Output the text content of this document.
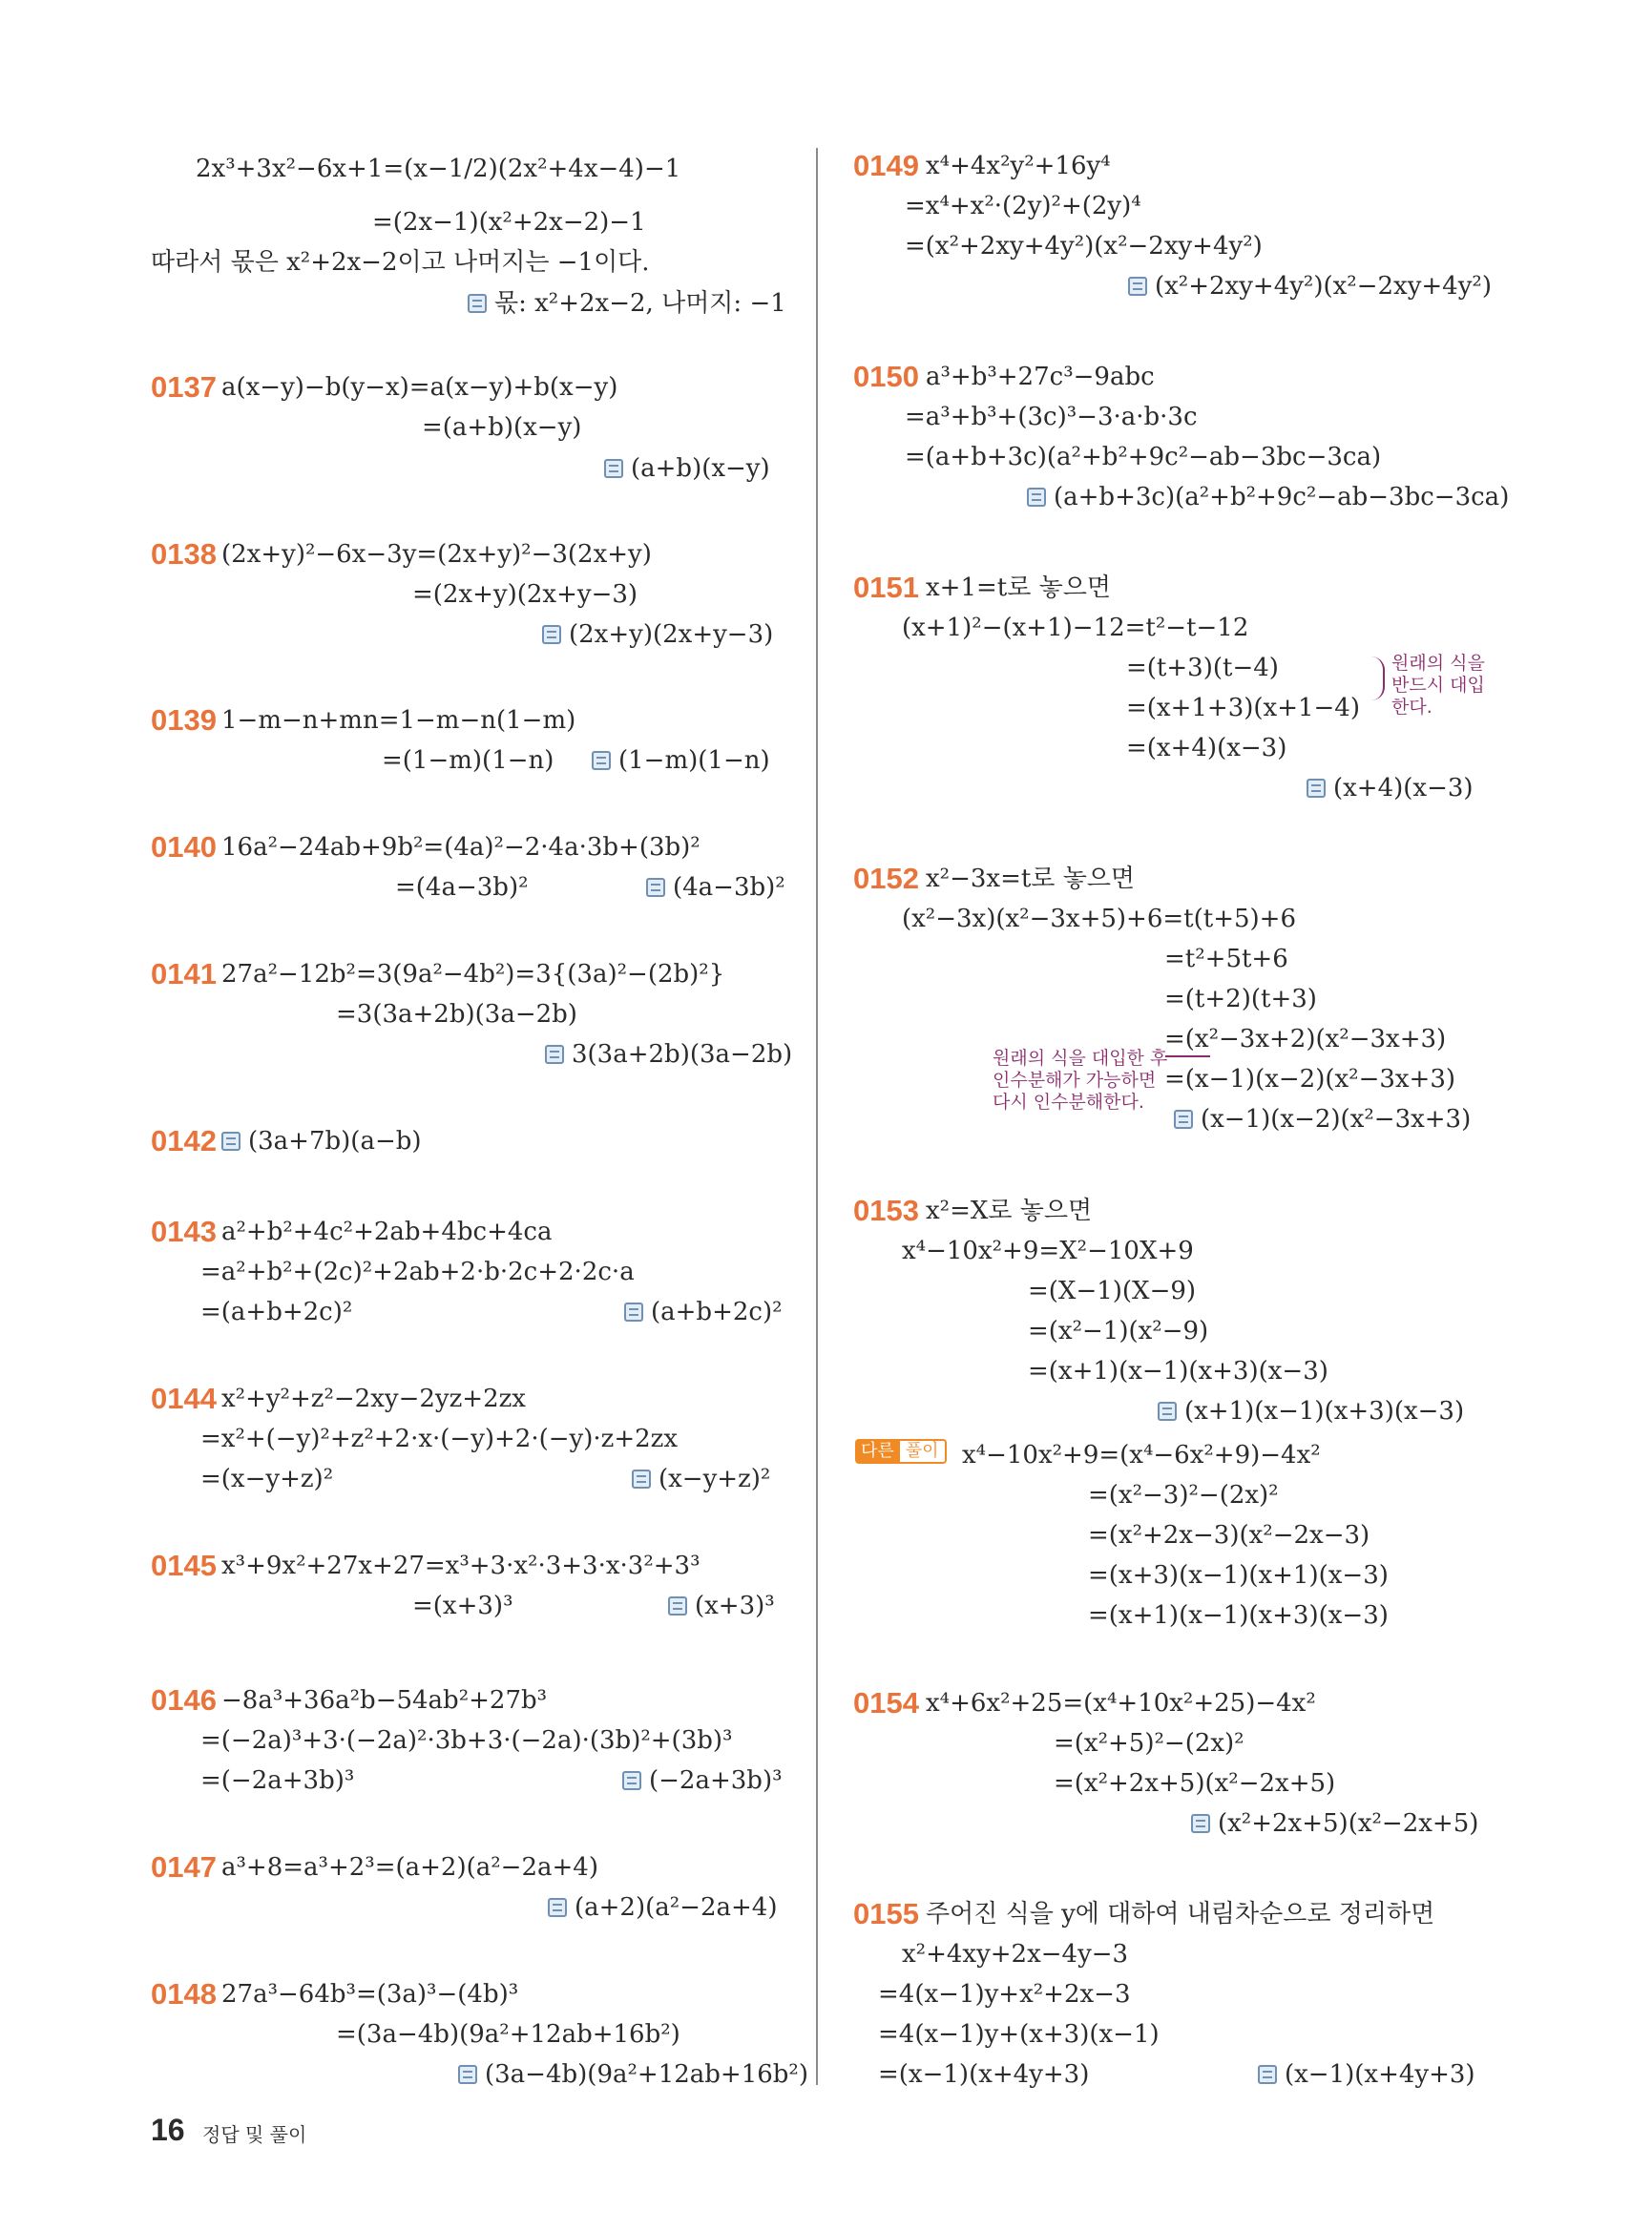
2x³+3x²−6x+1=(x−1/2)(2x²+4x−4)−1
=(2x−1)(x²+2x−2)−1
따라서 몫은 x²+2x−2이고 나머지는 −1이다.
몫: x²+2x−2, 나머지: −1
0137 a(x−y)−b(y−x)=a(x−y)+b(x−y)
=(a+b)(x−y)
(a+b)(x−y)
0138 (2x+y)²−6x−3y=(2x+y)²−3(2x+y)
=(2x+y)(2x+y−3)
(2x+y)(2x+y−3)
0139 1−m−n+mn=1−m−n(1−m)
=(1−m)(1−n)	(1−m)(1−n)
0140 16a²−24ab+9b²=(4a)²−2·4a·3b+(3b)²
=(4a−3b)²	(4a−3b)²
0141 27a²−12b²=3(9a²−4b²)=3{(3a)²−(2b)²}
=3(3a+2b)(3a−2b)
3(3a+2b)(3a−2b)
0142	(3a+7b)(a−b)
0143 a²+b²+4c²+2ab+4bc+4ca
=a²+b²+(2c)²+2ab+2·b·2c+2·2c·a
=(a+b+2c)²	(a+b+2c)²
0144 x²+y²+z²−2xy−2yz+2zx
=x²+(−y)²+z²+2·x·(−y)+2·(−y)·z+2zx
=(x−y+z)²	(x−y+z)²
0145 x³+9x²+27x+27=x³+3·x²·3+3·x·3²+3³
=(x+3)³	(x+3)³
0146 −8a³+36a²b−54ab²+27b³
=(−2a)³+3·(−2a)²·3b+3·(−2a)·(3b)²+(3b)³
=(−2a+3b)³	(−2a+3b)³
0147 a³+8=a³+2³=(a+2)(a²−2a+4)
(a+2)(a²−2a+4)
0148 27a³−64b³=(3a)³−(4b)³
=(3a−4b)(9a²+12ab+16b²)
(3a−4b)(9a²+12ab+16b²)
0149 x⁴+4x²y²+16y⁴
=x⁴+x²·(2y)²+(2y)⁴
=(x²+2xy+4y²)(x²−2xy+4y²)
(x²+2xy+4y²)(x²−2xy+4y²)
0150 a³+b³+27c³−9abc
=a³+b³+(3c)³−3·a·b·3c
=(a+b+3c)(a²+b²+9c²−ab−3bc−3ca)
(a+b+3c)(a²+b²+9c²−ab−3bc−3ca)
0151 x+1=t로 놓으면
(x+1)²−(x+1)−12=t²−t−12
=(t+3)(t−4)
=(x+1+3)(x+1−4)
=(x+4)(x−3)
(x+4)(x−3)
원래의 식을
반드시 대입
한다.
0152 x²−3x=t로 놓으면
(x²−3x)(x²−3x+5)+6=t(t+5)+6
=t²+5t+6
=(t+2)(t+3)
=(x²−3x+2)(x²−3x+3)
=(x−1)(x−2)(x²−3x+3)
(x−1)(x−2)(x²−3x+3)
원래의 식을 대입한 후
인수분해가 가능하면
다시 인수분해한다.
0153 x²=X로 놓으면
x⁴−10x²+9=X²−10X+9
=(X−1)(X−9)
=(x²−1)(x²−9)
=(x+1)(x−1)(x+3)(x−3)
(x+1)(x−1)(x+3)(x−3)
다른 풀이 x⁴−10x²+9=(x⁴−6x²+9)−4x²
=(x²−3)²−(2x)²
=(x²+2x−3)(x²−2x−3)
=(x+3)(x−1)(x+1)(x−3)
=(x+1)(x−1)(x+3)(x−3)
0154 x⁴+6x²+25=(x⁴+10x²+25)−4x²
=(x²+5)²−(2x)²
=(x²+2x+5)(x²−2x+5)
(x²+2x+5)(x²−2x+5)
0155 주어진 식을 y에 대하여 내림차순으로 정리하면
x²+4xy+2x−4y−3
=4(x−1)y+x²+2x−3
=4(x−1)y+(x+3)(x−1)
=(x−1)(x+4y+3)	(x−1)(x+4y+3)
16 정답 및 풀이
